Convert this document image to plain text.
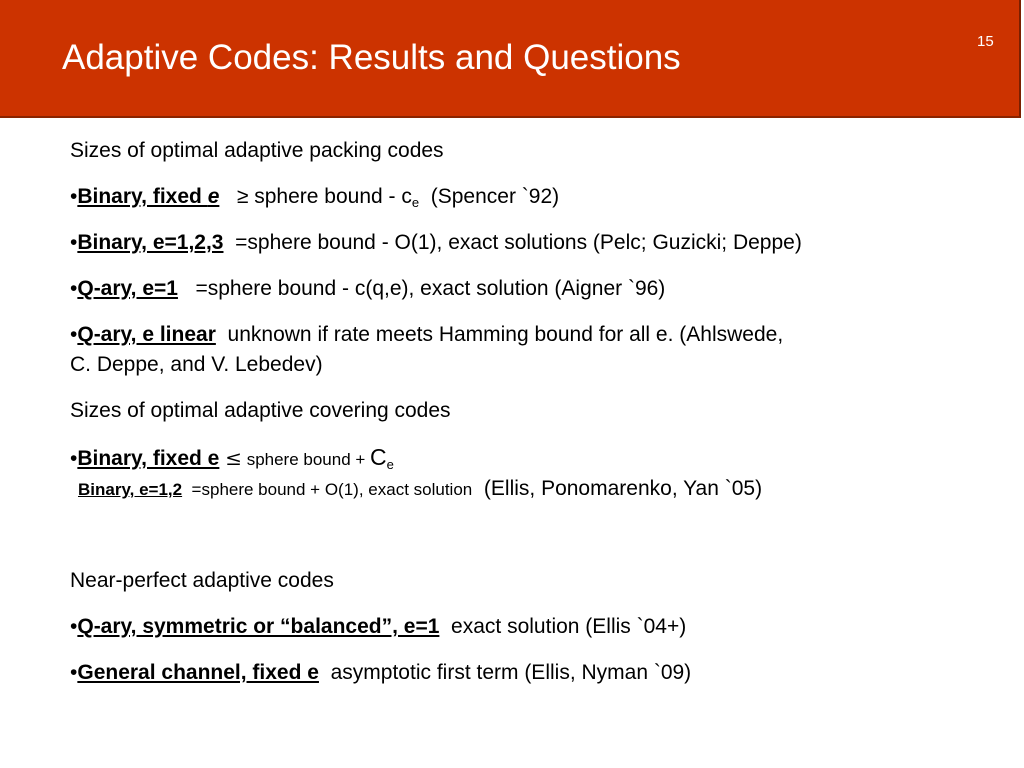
Adaptive Codes: Results and Questions	15
Sizes of optimal adaptive packing codes
•Binary, fixed e   ≥ sphere bound - $c_e$  (Spencer `92)
•Binary, e=1,2,3  =sphere bound - O(1), exact solutions (Pelc; Guzicki; Deppe)
•Q-ary, e=1   =sphere bound - c(q,e), exact solution (Aigner `96)
•Q-ary, e linear  unknown if rate meets Hamming bound for all e. (Ahlswede,
C. Deppe, and V. Lebedev)
Sizes of optimal adaptive covering codes
•Binary, fixed e ≤ sphere bound + $C_e$
Binary, e=1,2  =sphere bound + O(1), exact solution  (Ellis, Ponomarenko, Yan `05)
Near-perfect adaptive codes
•Q-ary, symmetric or “balanced”, e=1  exact solution (Ellis `04+)
•General channel, fixed e  asymptotic first term (Ellis, Nyman `09)
